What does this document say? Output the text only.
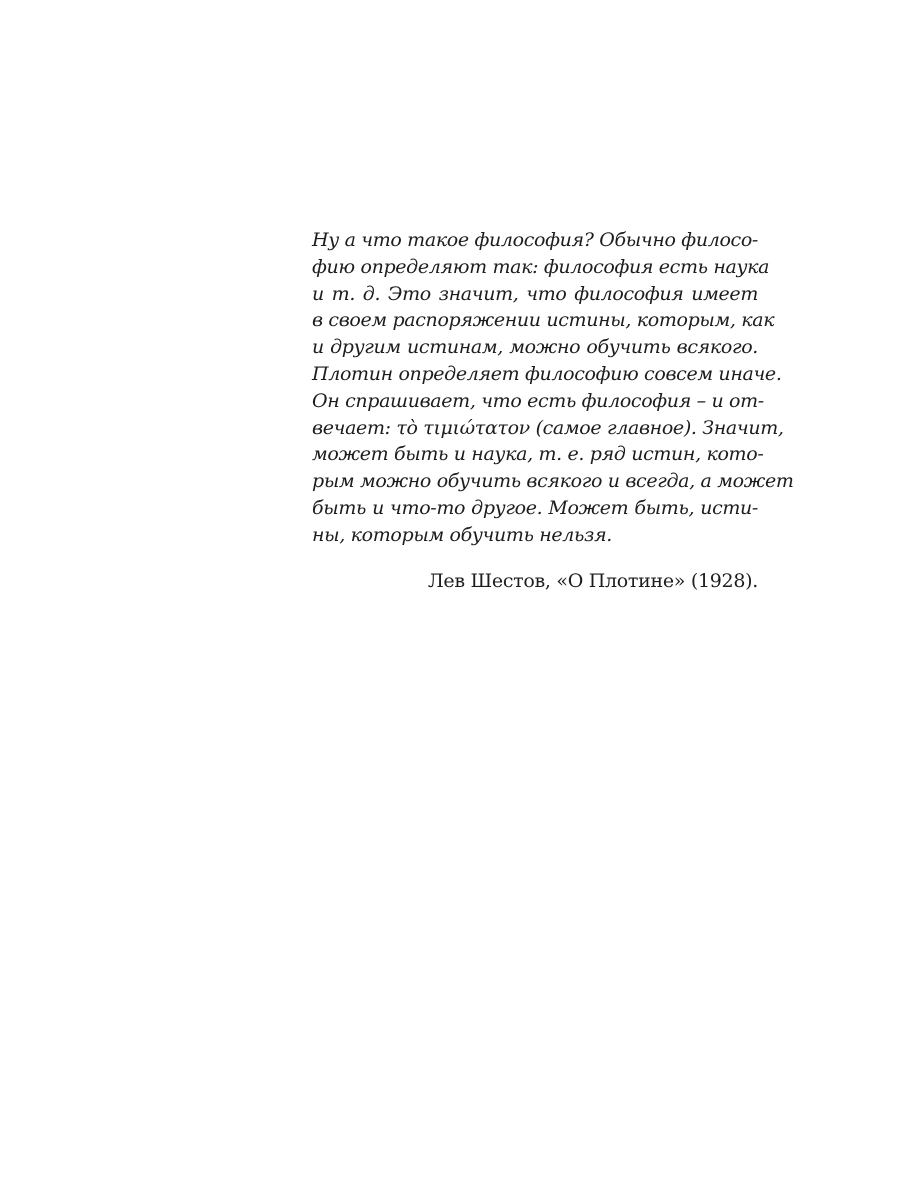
Ну а что такое философия? Обычно филосо-
фию определяют так: философия есть наука
и т. д. Это значит, что философия имеет
в своем распоряжении истины, которым, как
и другим истинам, можно обучить всякого.
Плотин определяет философию совсем иначе.
Он спрашивает, что есть философия – и от-
вечает: τὸ τιμιώτατον (самое главное). Значит,
может быть и наука, т. е. ряд истин, кото-
рым можно обучить всякого и всегда, а может
быть и что-то другое. Может быть, исти-
ны, которым обучить нельзя.
Лев Шестов, «О Плотине» (1928).
